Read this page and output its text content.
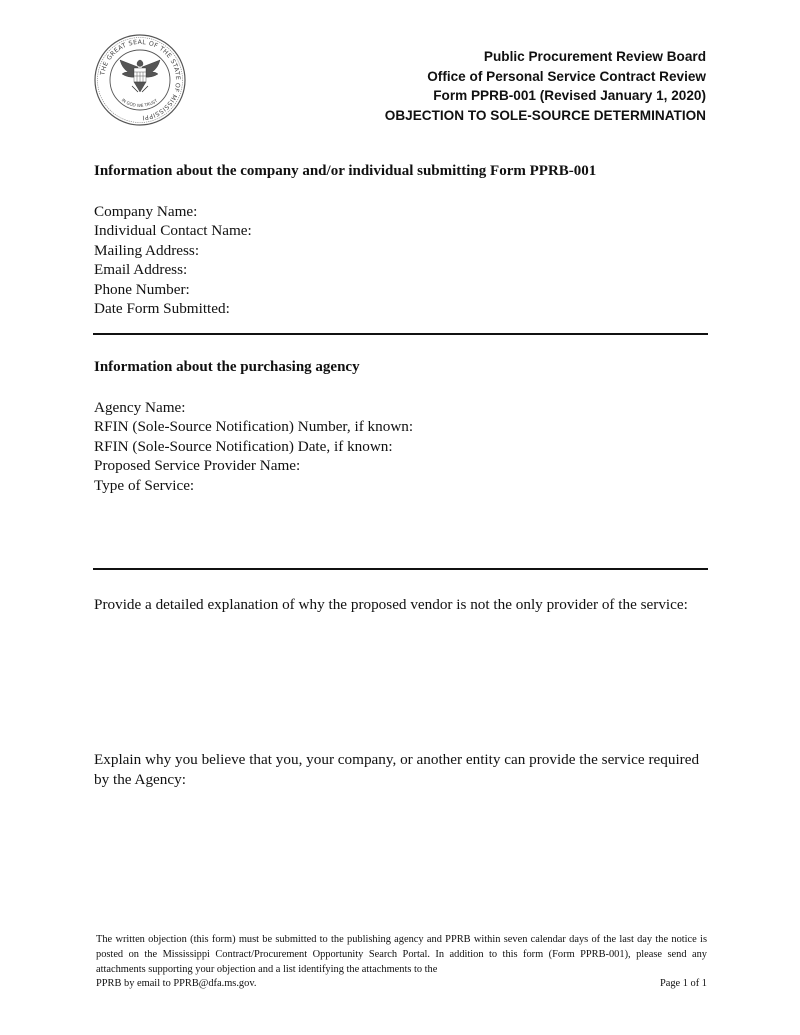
THE GREAT SEAL OF THE STATE OF MISSISSIPPI
IN GOD WE TRUST
Public Procurement Review Board
Office of Personal Service Contract Review
Form PPRB-001 (Revised January 1, 2020)
OBJECTION TO SOLE-SOURCE DETERMINATION
Information about the company and/or individual submitting Form PPRB-001
Company Name:
Individual Contact Name:
Mailing Address:
Email Address:
Phone Number:
Date Form Submitted:
Information about the purchasing agency
Agency Name:
RFIN (Sole-Source Notification) Number, if known:
RFIN (Sole-Source Notification) Date, if known:
Proposed Service Provider Name:
Type of Service:
Provide a detailed explanation of why the proposed vendor is not the only provider of the service:
Explain why you believe that you, your company, or another entity can provide the service required by the Agency:
The written objection (this form) must be submitted to the publishing agency and PPRB within seven calendar days of the last day the notice is posted on the Mississippi Contract/Procurement Opportunity Search Portal. In addition to this form (Form PPRB-001), please send any attachments supporting your objection and a list identifying the attachments to the
PPRB by email to PPRB@dfa.ms.gov.	Page 1 of 1
